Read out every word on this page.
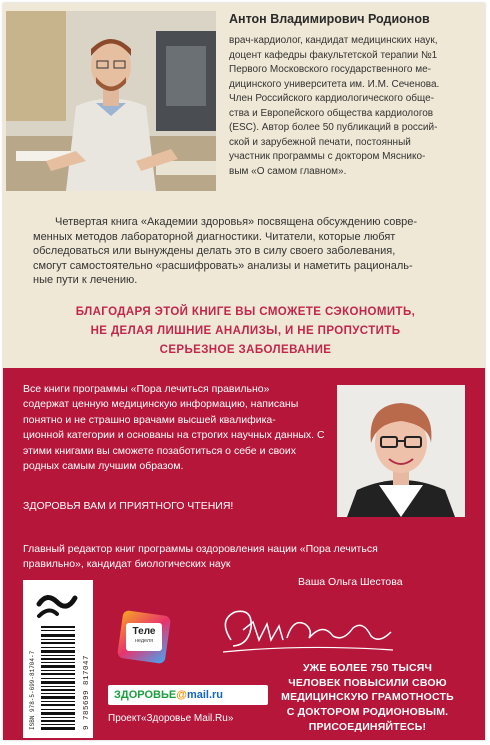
Антон Владимирович Родионов
врач-кардиолог, кандидат медицинских наук,
доцент кафедры факультетской терапии №1
Первого Московского государственного ме-
дицинского университета им. И.М. Сеченова.
Член Российского кардиологического обще-
ства и Европейского общества кардиологов
(ESC). Автор более 50 публикаций в россий-
ской и зарубежной печати, постоянный
участник программы с доктором Мяснико-
вым «О самом главном».
Четвертая книга «Академии здоровья» посвящена обсуждению совре-
менных методов лабораторной диагностики. Читатели, которые любят
обследоваться или вынуждены делать это в силу своего заболевания,
смогут самостоятельно «расшифровать» анализы и наметить рациональ-
ные пути к лечению.
БЛАГОДАРЯ ЭТОЙ КНИГЕ ВЫ СМОЖЕТЕ СЭКОНОМИТЬ,
НЕ ДЕЛАЯ ЛИШНИЕ АНАЛИЗЫ, И НЕ ПРОПУСТИТЬ
СЕРЬЕЗНОЕ ЗАБОЛЕВАНИЕ
Все книги программы «Пора лечиться правильно»
содержат ценную медицинскую информацию, написаны
понятно и не страшно врачами высшей квалифика-
ционной категории и основаны на строгих научных данных. С
этими книгами вы сможете позаботиться о себе и своих
родных самым лучшим образом.
ЗДОРОВЬЯ ВАМ И ПРИЯТНОГО ЧТЕНИЯ!
Главный редактор книг программы оздоровления нации «Пора лечиться
правильно», кандидат биологических наук
Ваша Ольга Шестова
ISBN 978-5-699-81704-7	9 785699 817047
Теле
неделя
ЗДОРОВЬЕ@mail.ru
Проект«Здоровье Mail.Ru»
УЖЕ БОЛЕЕ 750 ТЫСЯЧ
ЧЕЛОВЕК ПОВЫСИЛИ СВОЮ
МЕДИЦИНСКУЮ ГРАМОТНОСТЬ
С ДОКТОРОМ РОДИОНОВЫМ.
ПРИСОЕДИНЯЙТЕСЬ!
